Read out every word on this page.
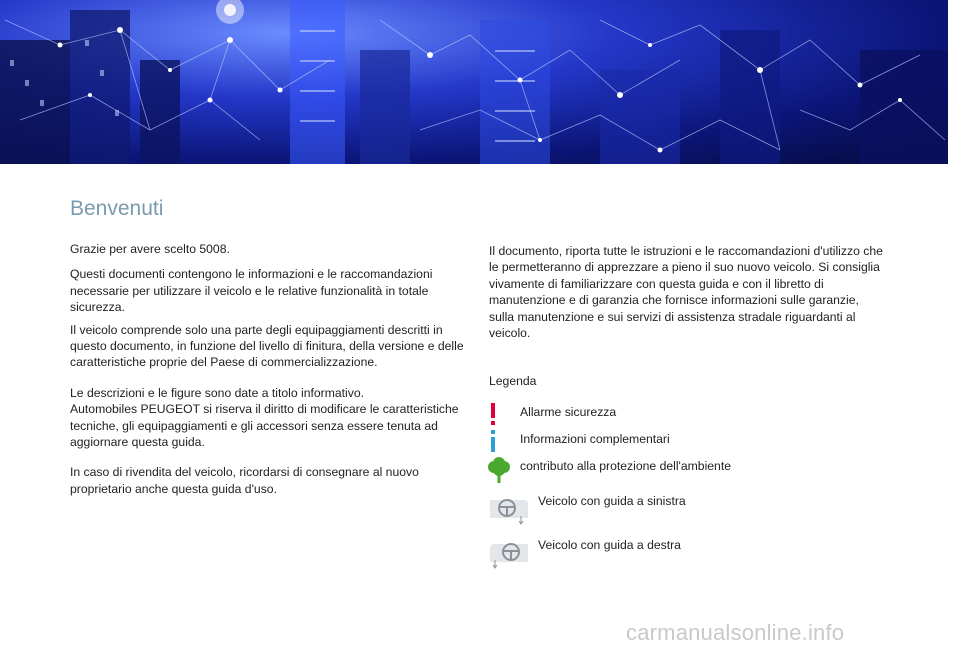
Benvenuti

Grazie per avere scelto 5008.

Questi documenti contengono le informazioni e le raccomandazioni necessarie per utilizzare il veicolo e le relative funzionalità in totale sicurezza.

Il veicolo comprende solo una parte degli equipaggiamenti descritti in questo documento, in funzione del livello di finitura, della versione e delle caratteristiche proprie del Paese di commercializzazione.

Le descrizioni e le figure sono date a titolo informativo.

Automobiles PEUGEOT si riserva il diritto di modificare le caratteristiche tecniche, gli equipaggiamenti e gli accessori senza essere tenuta ad aggiornare questa guida.

In caso di rivendita del veicolo, ricordarsi di consegnare al nuovo proprietario anche questa guida d'uso.

Il documento, riporta tutte le istruzioni e le raccomandazioni d'utilizzo che le permetteranno di apprezzare a pieno il suo nuovo veicolo. Si consiglia vivamente di familiarizzare con questa guida e con il libretto di manutenzione e di garanzia che fornisce informazioni sulle garanzie, sulla manutenzione e sui servizi di assistenza stradale riguardanti al veicolo.

Legenda
Allarme sicurezza
Informazioni complementari
contributo alla protezione dell'ambiente
Veicolo con guida a sinistra
Veicolo con guida a destra
carmanualsonline.info
